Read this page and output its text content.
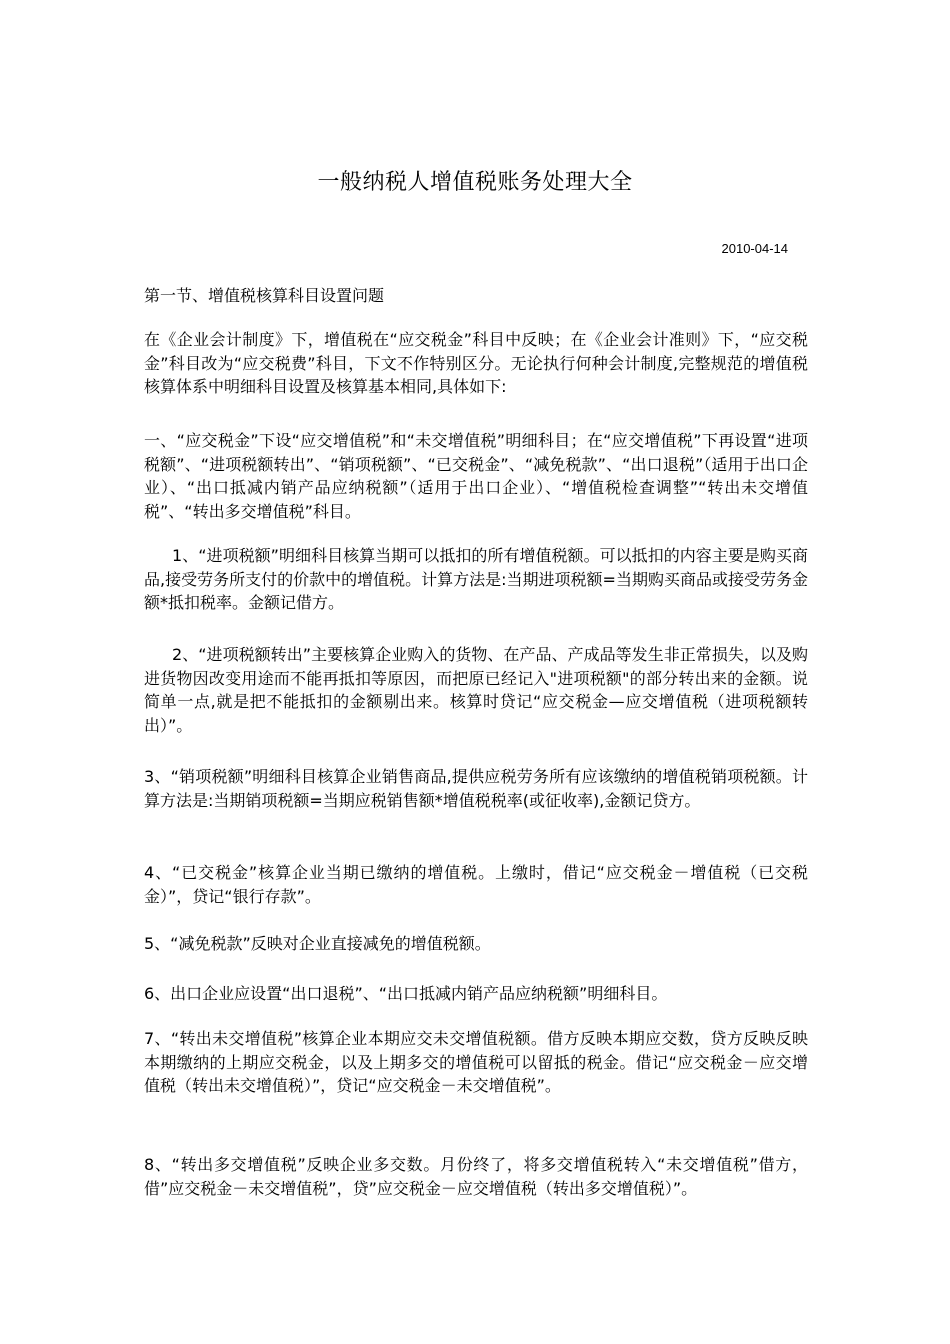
一般纳税人增值税账务处理大全
2010-04-14

第一节、增值税核算科目设置问题

在《企业会计制度》下，增值税在“应交税金”科目中反映；在《企业会计准则》下，“应交税金”科目改为“应交税费”科目，下文不作特别区分。无论执行何种会计制度,完整规范的增值税核算体系中明细科目设置及核算基本相同,具体如下:

一、“应交税金”下设“应交增值税”和“未交增值税”明细科目；在“应交增值税”下再设置“进项税额”、“进项税额转出”、“销项税额”、“已交税金”、“减免税款”、“出口退税”（适用于出口企业）、“出口抵减内销产品应纳税额”（适用于出口企业）、“增值税检查调整”“转出未交增值税”、“转出多交增值税”科目。

1、“进项税额”明细科目核算当期可以抵扣的所有增值税额。可以抵扣的内容主要是购买商品,接受劳务所支付的价款中的增值税。计算方法是:当期进项税额=当期购买商品或接受劳务金额*抵扣税率。金额记借方。

2、“进项税额转出”主要核算企业购入的货物、在产品、产成品等发生非正常损失，以及购进货物因改变用途而不能再抵扣等原因，而把原已经记入"进项税额"的部分转出来的金额。说简单一点,就是把不能抵扣的金额剔出来。核算时贷记“应交税金—应交增值税（进项税额转出）”。

3、“销项税额”明细科目核算企业销售商品,提供应税劳务所有应该缴纳的增值税销项税额。计算方法是:当期销项税额=当期应税销售额*增值税税率(或征收率),金额记贷方。

4、“已交税金”核算企业当期已缴纳的增值税。上缴时，借记“应交税金－增值税（已交税金）”，贷记“银行存款”。

5、“减免税款”反映对企业直接减免的增值税额。

6、出口企业应设置“出口退税”、“出口抵减内销产品应纳税额”明细科目。

7、“转出未交增值税”核算企业本期应交未交增值税额。借方反映本期应交数，贷方反映反映本期缴纳的上期应交税金，以及上期多交的增值税可以留抵的税金。借记“应交税金－应交增值税（转出未交增值税）”，贷记“应交税金－未交增值税”。

8、“转出多交增值税”反映企业多交数。月份终了，将多交增值税转入“未交增值税”借方，借”应交税金－未交增值税”，贷”应交税金－应交增值税（转出多交增值税）”。
